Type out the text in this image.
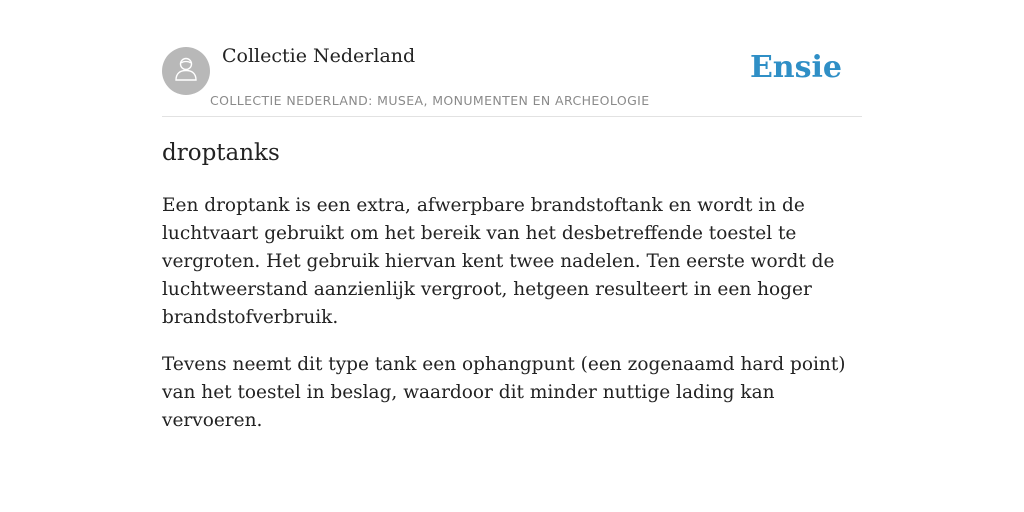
Collectie Nederland
COLLECTIE NEDERLAND: MUSEA, MONUMENTEN EN ARCHEOLOGIE
Ensie
droptanks

Een droptank is een extra, afwerpbare brandstoftank en wordt in de luchtvaart gebruikt om het bereik van het desbetreffende toestel te vergroten. Het gebruik hiervan kent twee nadelen. Ten eerste wordt de luchtweerstand aanzienlijk vergroot, hetgeen resulteert in een hoger brandstofverbruik.

Tevens neemt dit type tank een ophangpunt (een zogenaamd hard point) van het toestel in beslag, waardoor dit minder nuttige lading kan vervoeren.
